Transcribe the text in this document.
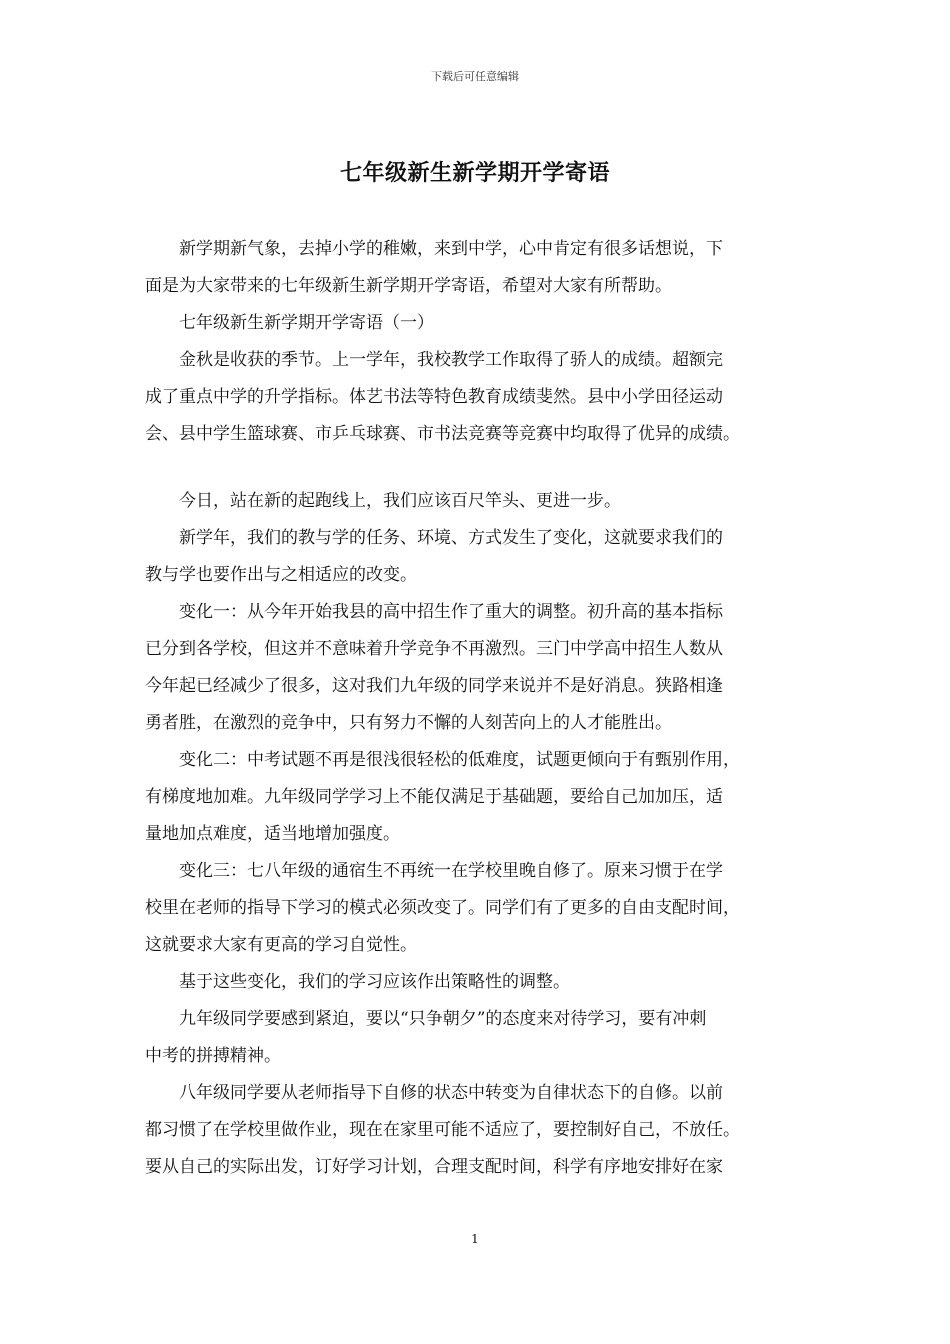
下载后可任意编辑
七年级新生新学期开学寄语

新学期新气象，去掉小学的稚嫩，来到中学，心中肯定有很多话想说，下
面是为大家带来的七年级新生新学期开学寄语，希望对大家有所帮助。

七年级新生新学期开学寄语（一）

金秋是收获的季节。上一学年，我校教学工作取得了骄人的成绩。超额完
成了重点中学的升学指标。体艺书法等特色教育成绩斐然。县中小学田径运动
会、县中学生篮球赛、市乒乓球赛、市书法竞赛等竞赛中均取得了优异的成绩。

今日，站在新的起跑线上，我们应该百尺竿头、更进一步。

新学年，我们的教与学的任务、环境、方式发生了变化，这就要求我们的
教与学也要作出与之相适应的改变。

变化一：从今年开始我县的高中招生作了重大的调整。初升高的基本指标
已分到各学校，但这并不意味着升学竞争不再激烈。三门中学高中招生人数从
今年起已经减少了很多，这对我们九年级的同学来说并不是好消息。狭路相逢
勇者胜，在激烈的竞争中，只有努力不懈的人刻苦向上的人才能胜出。

变化二：中考试题不再是很浅很轻松的低难度，试题更倾向于有甄别作用，
有梯度地加难。九年级同学学习上不能仅满足于基础题，要给自己加加压，适
量地加点难度，适当地增加强度。

变化三：七八年级的通宿生不再统一在学校里晚自修了。原来习惯于在学
校里在老师的指导下学习的模式必须改变了。同学们有了更多的自由支配时间，
这就要求大家有更高的学习自觉性。

基于这些变化，我们的学习应该作出策略性的调整。

九年级同学要感到紧迫，要以“只争朝夕”的态度来对待学习，要有冲刺
中考的拼搏精神。

八年级同学要从老师指导下自修的状态中转变为自律状态下的自修。以前
都习惯了在学校里做作业，现在在家里可能不适应了，要控制好自己，不放任。
要从自己的实际出发，订好学习计划，合理支配时间，科学有序地安排好在家

1
